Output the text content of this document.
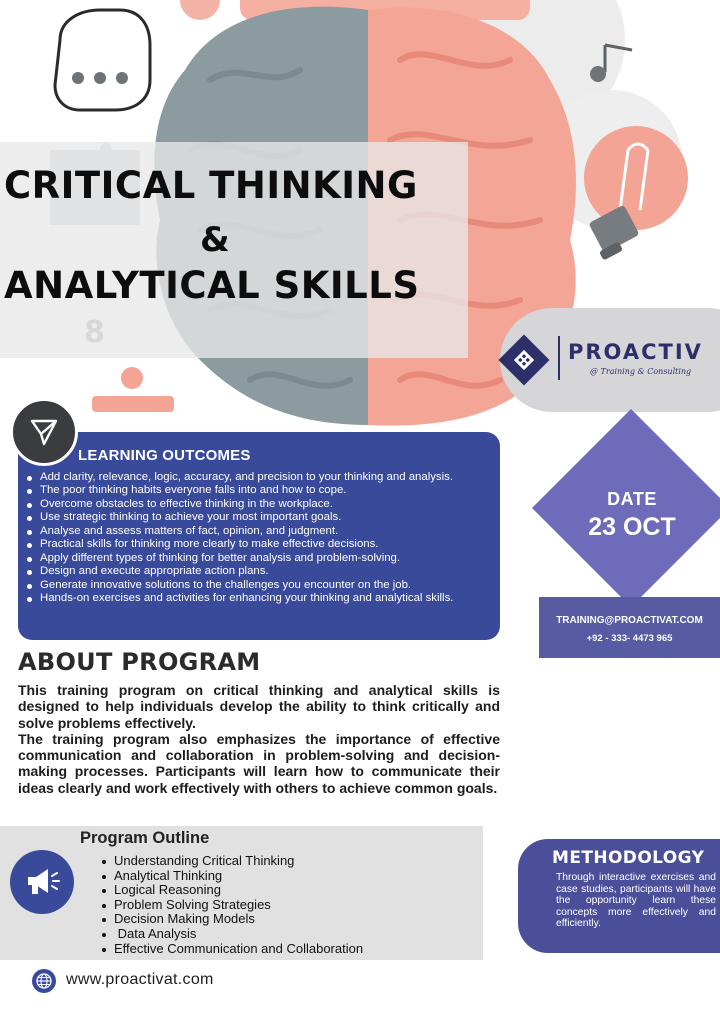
CRITICAL THINKING
&
ANALYTICAL SKILLS
PROACTIV
@ Training & Consulting
LEARNING OUTCOMES
Add clarity, relevance, logic, accuracy, and precision to your thinking and analysis.
The poor thinking habits everyone falls into and how to cope.
Overcome obstacles to effective thinking in the workplace.
Use strategic thinking to achieve your most important goals.
Analyse and assess matters of fact, opinion, and judgment.
Practical skills for thinking more clearly to make effective decisions.
Apply different types of thinking for better analysis and problem-solving.
Design and execute appropriate action plans.
Generate innovative solutions to the challenges you encounter on the job.
Hands-on exercises and activities for enhancing your thinking and analytical skills.
DATE
23 OCT
TRAINING@PROACTIVAT.COM
+92 - 333- 4473 965
ABOUT PROGRAM

This training program on critical thinking and analytical skills is designed to help individuals develop the ability to think critically and solve problems effectively.

The training program also emphasizes the importance of effective communication and collaboration in problem-solving and decision-making processes. Participants will learn how to communicate their ideas clearly and work effectively with others to achieve common goals.

Program Outline
Understanding Critical Thinking
Analytical Thinking
Logical Reasoning
Problem Solving Strategies
Decision Making Models
Data Analysis
Effective Communication and Collaboration
METHODOLOGY
Through interactive exercises and case studies, participants will have the opportunity learn these concepts more effectively and efficiently.
www.proactivat.com
